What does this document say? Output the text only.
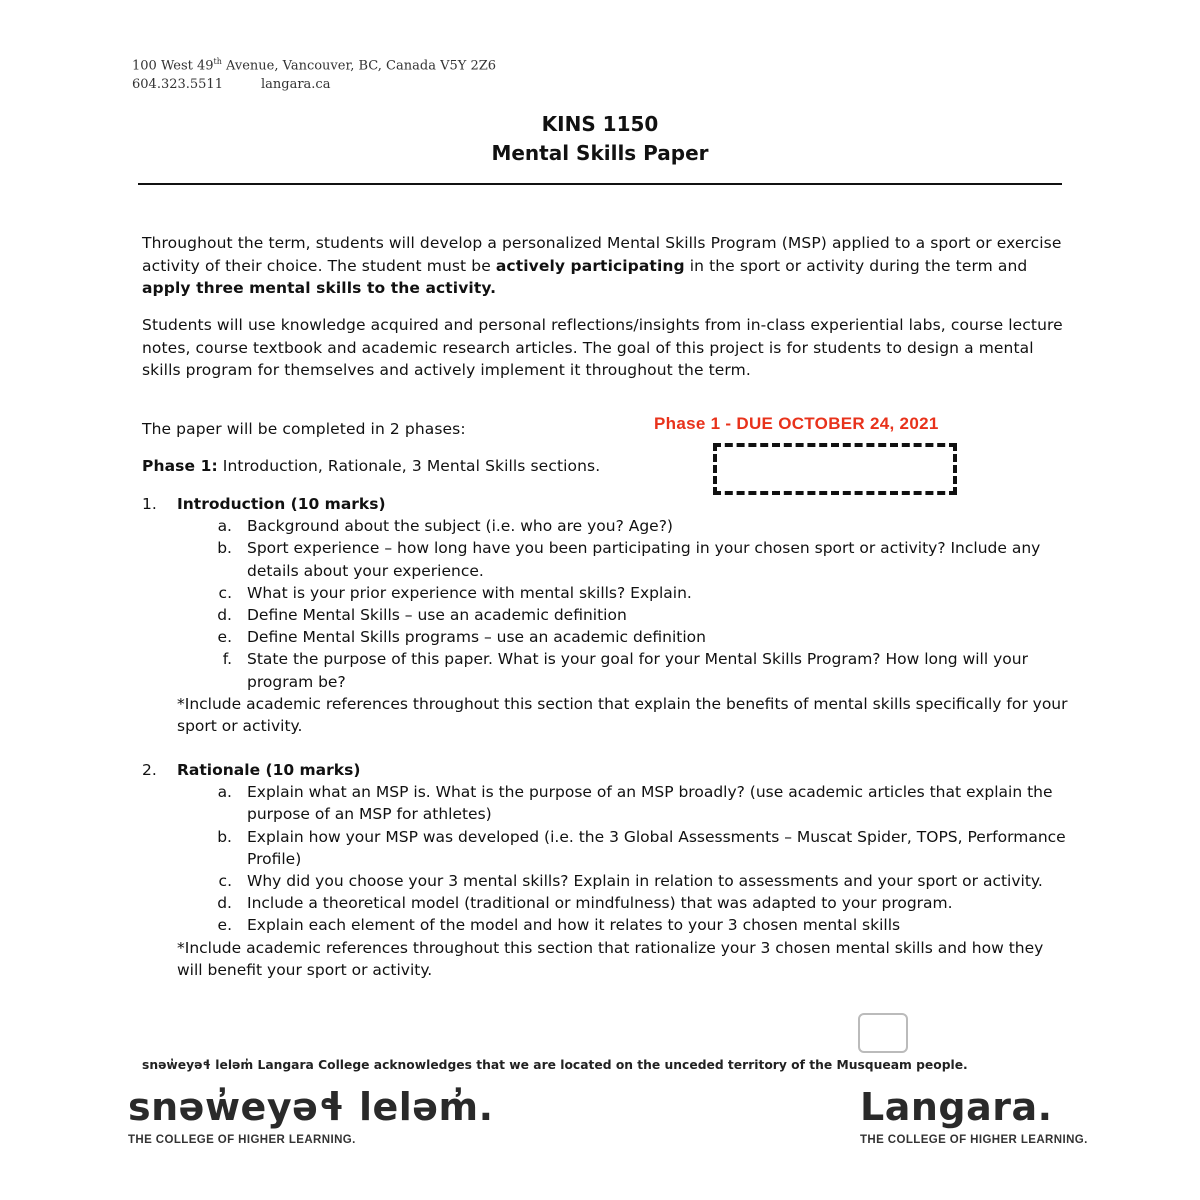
100 West 49th Avenue, Vancouver, BC, Canada V5Y 2Z6
604.323.5511	langara.ca
KINS 1150
Mental Skills Paper
Throughout the term, students will develop a personalized Mental Skills Program (MSP) applied to a sport or exercise activity of their choice. The student must be actively participating in the sport or activity during the term and apply three mental skills to the activity.
Students will use knowledge acquired and personal reflections/insights from in-class experiential labs, course lecture notes, course textbook and academic research articles. The goal of this project is for students to design a mental skills program for themselves and actively implement it throughout the term.
The paper will be completed in 2 phases:	Phase 1 - DUE OCTOBER 24, 2021
Phase 1: Introduction, Rationale, 3 Mental Skills sections.
1. Introduction (10 marks)
a. Background about the subject (i.e. who are you? Age?)
b. Sport experience – how long have you been participating in your chosen sport or activity? Include any details about your experience.
c. What is your prior experience with mental skills? Explain.
d. Define Mental Skills – use an academic definition
e. Define Mental Skills programs – use an academic definition
f. State the purpose of this paper. What is your goal for your Mental Skills Program? How long will your program be?
*Include academic references throughout this section that explain the benefits of mental skills specifically for your sport or activity.
2. Rationale (10 marks)
a. Explain what an MSP is. What is the purpose of an MSP broadly? (use academic articles that explain the purpose of an MSP for athletes)
b. Explain how your MSP was developed (i.e. the 3 Global Assessments – Muscat Spider, TOPS, Performance Profile)
c. Why did you choose your 3 mental skills? Explain in relation to assessments and your sport or activity.
d. Include a theoretical model (traditional or mindfulness) that was adapted to your program.
e. Explain each element of the model and how it relates to your 3 chosen mental skills
*Include academic references throughout this section that rationalize your 3 chosen mental skills and how they will benefit your sport or activity.
snəw̓eyəɬ leləm̓ Langara College acknowledges that we are located on the unceded territory of the Musqueam people.
snəw̓eyəɬ leləm̓.
THE COLLEGE OF HIGHER LEARNING.
Langara.
THE COLLEGE OF HIGHER LEARNING.
